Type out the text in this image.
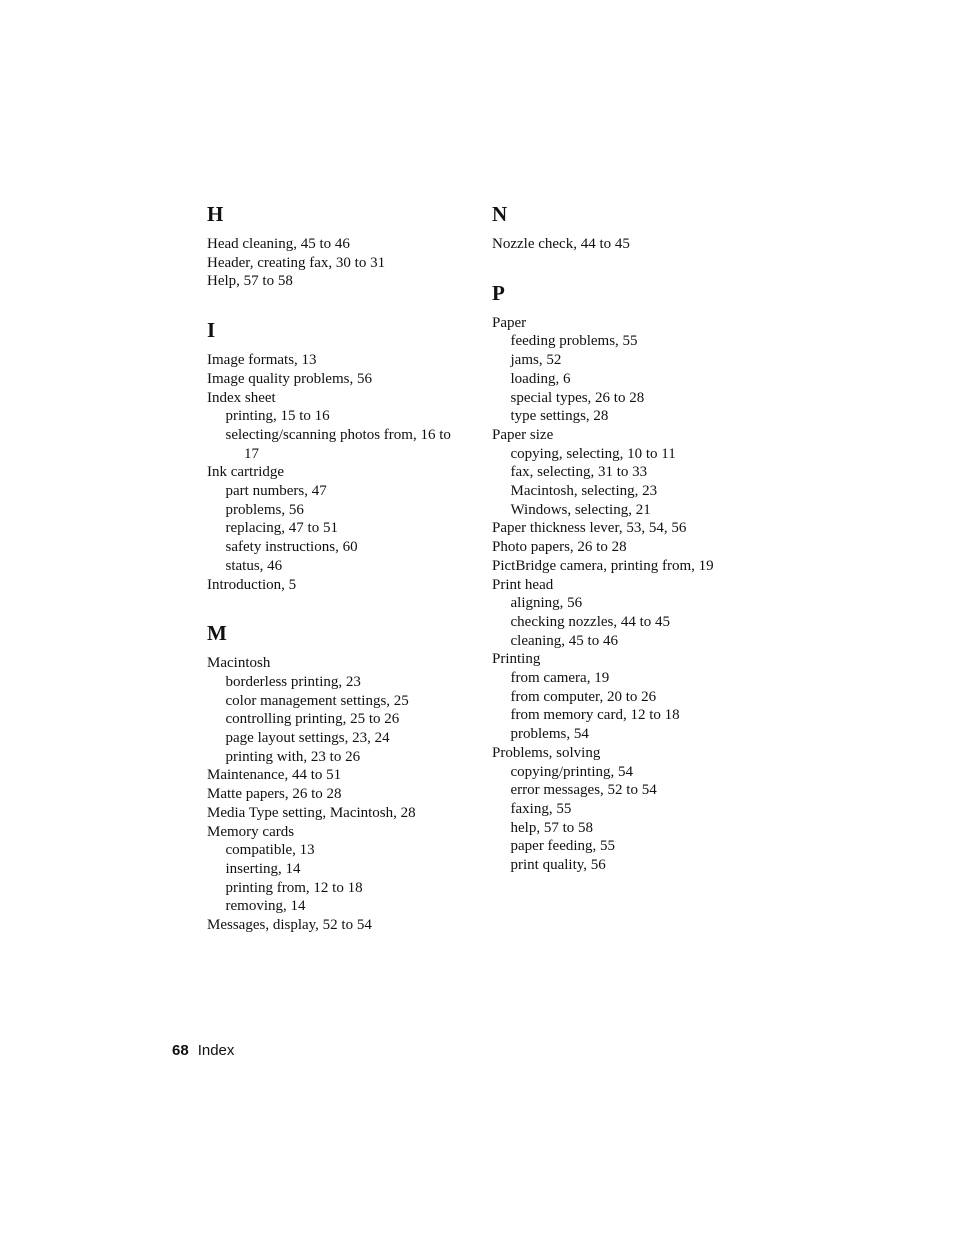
H
Head cleaning, 45 to 46
Header, creating fax, 30 to 31
Help, 57 to 58
I
Image formats, 13
Image quality problems, 56
Index sheet
printing, 15 to 16
selecting/scanning photos from, 16 to
17
Ink cartridge
part numbers, 47
problems, 56
replacing, 47 to 51
safety instructions, 60
status, 46
Introduction, 5
M
Macintosh
borderless printing, 23
color management settings, 25
controlling printing, 25 to 26
page layout settings, 23, 24
printing with, 23 to 26
Maintenance, 44 to 51
Matte papers, 26 to 28
Media Type setting, Macintosh, 28
Memory cards
compatible, 13
inserting, 14
printing from, 12 to 18
removing, 14
Messages, display, 52 to 54
N
Nozzle check, 44 to 45
P
Paper
feeding problems, 55
jams, 52
loading, 6
special types, 26 to 28
type settings, 28
Paper size
copying, selecting, 10 to 11
fax, selecting, 31 to 33
Macintosh, selecting, 23
Windows, selecting, 21
Paper thickness lever, 53, 54, 56
Photo papers, 26 to 28
PictBridge camera, printing from, 19
Print head
aligning, 56
checking nozzles, 44 to 45
cleaning, 45 to 46
Printing
from camera, 19
from computer, 20 to 26
from memory card, 12 to 18
problems, 54
Problems, solving
copying/printing, 54
error messages, 52 to 54
faxing, 55
help, 57 to 58
paper feeding, 55
print quality, 56
68 Index
